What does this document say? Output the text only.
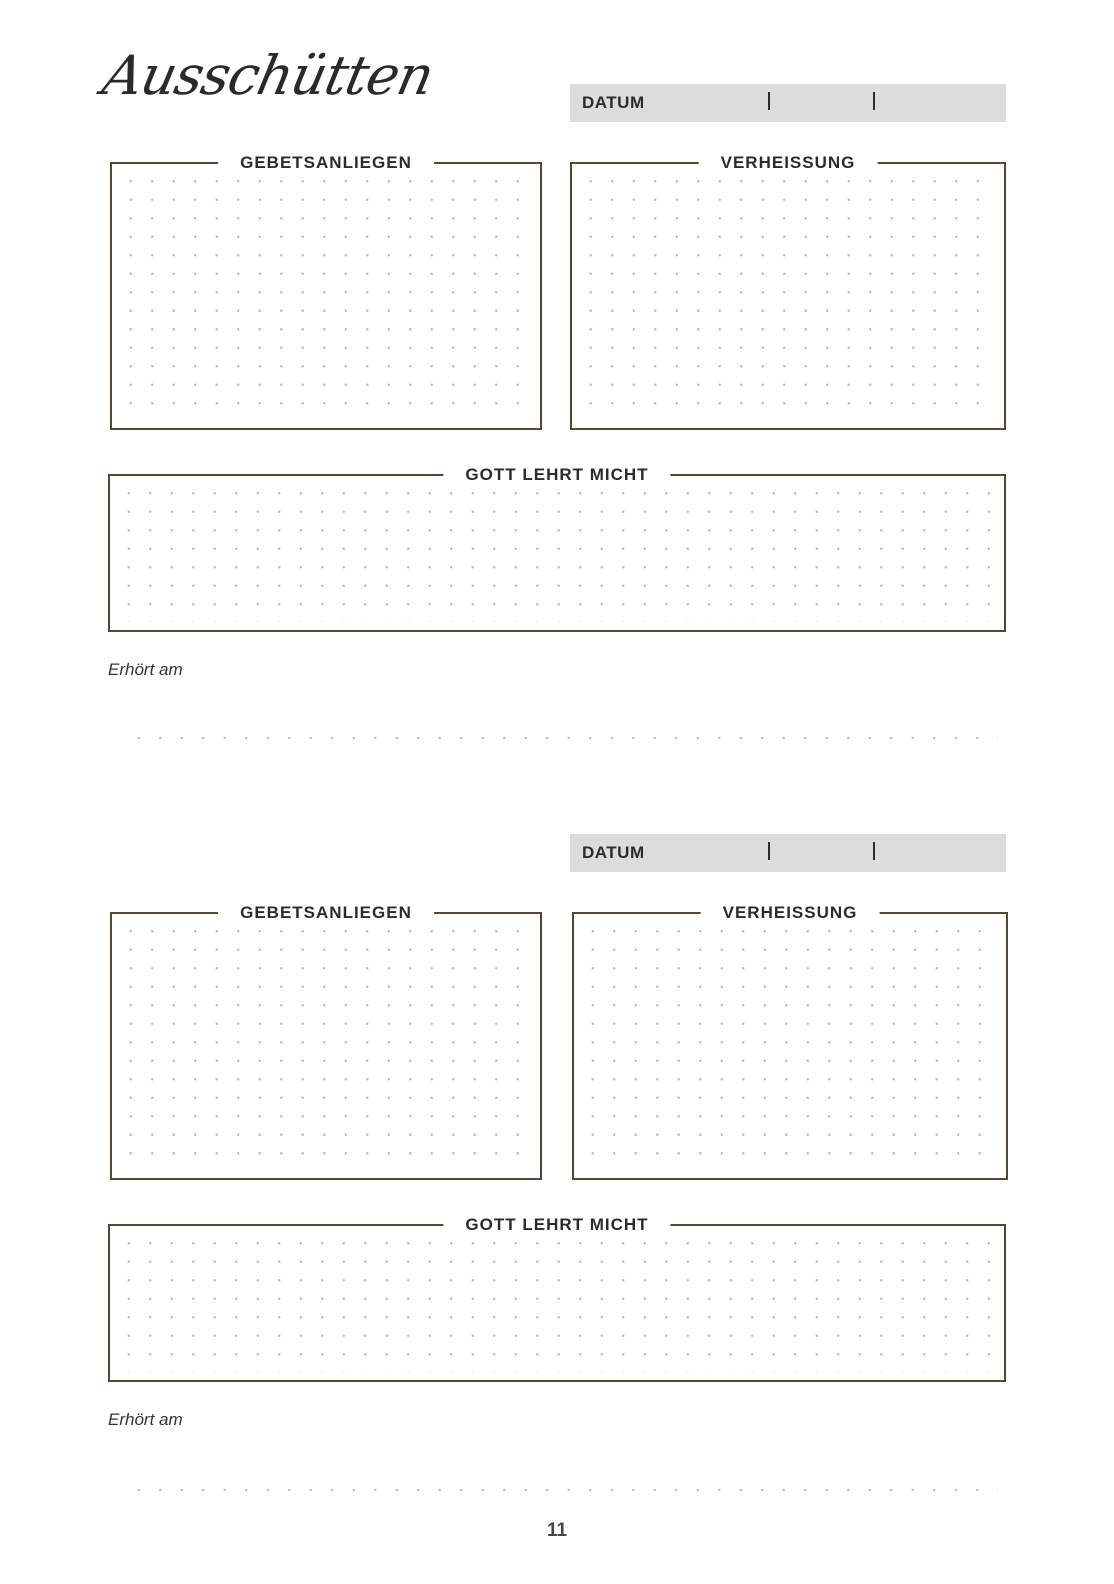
Ausschütten	DATUM
GEBETSANLIEGEN	VERHEISSUNG
GOTT LEHRT MICHT
Erhört am
DATUM
GEBETSANLIEGEN	VERHEISSUNG
GOTT LEHRT MICHT
Erhört am
11
